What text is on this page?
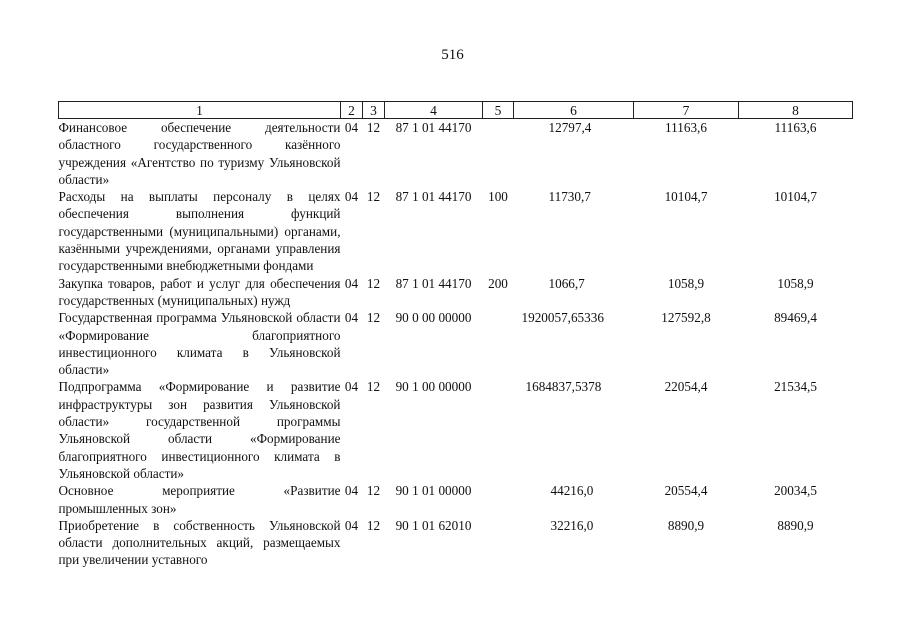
516
1	2	3	4	5	6	7	8
Финансовое обеспечение деятельности областного государственного казённого учреждения «Агентство по туризму Ульяновской области»	04	12	87 1 01 44170		12797,4	11163,6	11163,6
Расходы на выплаты персоналу в целях обеспечения выполнения функций государственными (муниципальными) органами, казёнными учреждениями, органами управления государственными внебюджетными фондами	04	12	87 1 01 44170	100	11730,7	10104,7	10104,7
Закупка товаров, работ и услуг для обеспечения государственных (муниципальных) нужд	04	12	87 1 01 44170	200	1066,7	1058,9	1058,9
Государственная программа Ульяновской области «Формирование благоприятного инвестиционного климата в Ульяновской области»	04	12	90 0 00 00000		1920057,65336	127592,8	89469,4
Подпрограмма «Формирование и развитие инфраструктуры зон развития Ульяновской области» государственной программы Ульяновской области «Формирование благоприятного инвестиционного климата в Ульяновской области»	04	12	90 1 00 00000		1684837,5378	22054,4	21534,5
Основное мероприятие «Развитие промышленных зон»	04	12	90 1 01 00000		44216,0	20554,4	20034,5
Приобретение в собственность Ульяновской области дополнительных акций, размещаемых при увеличении уставного	04	12	90 1 01 62010		32216,0	8890,9	8890,9
